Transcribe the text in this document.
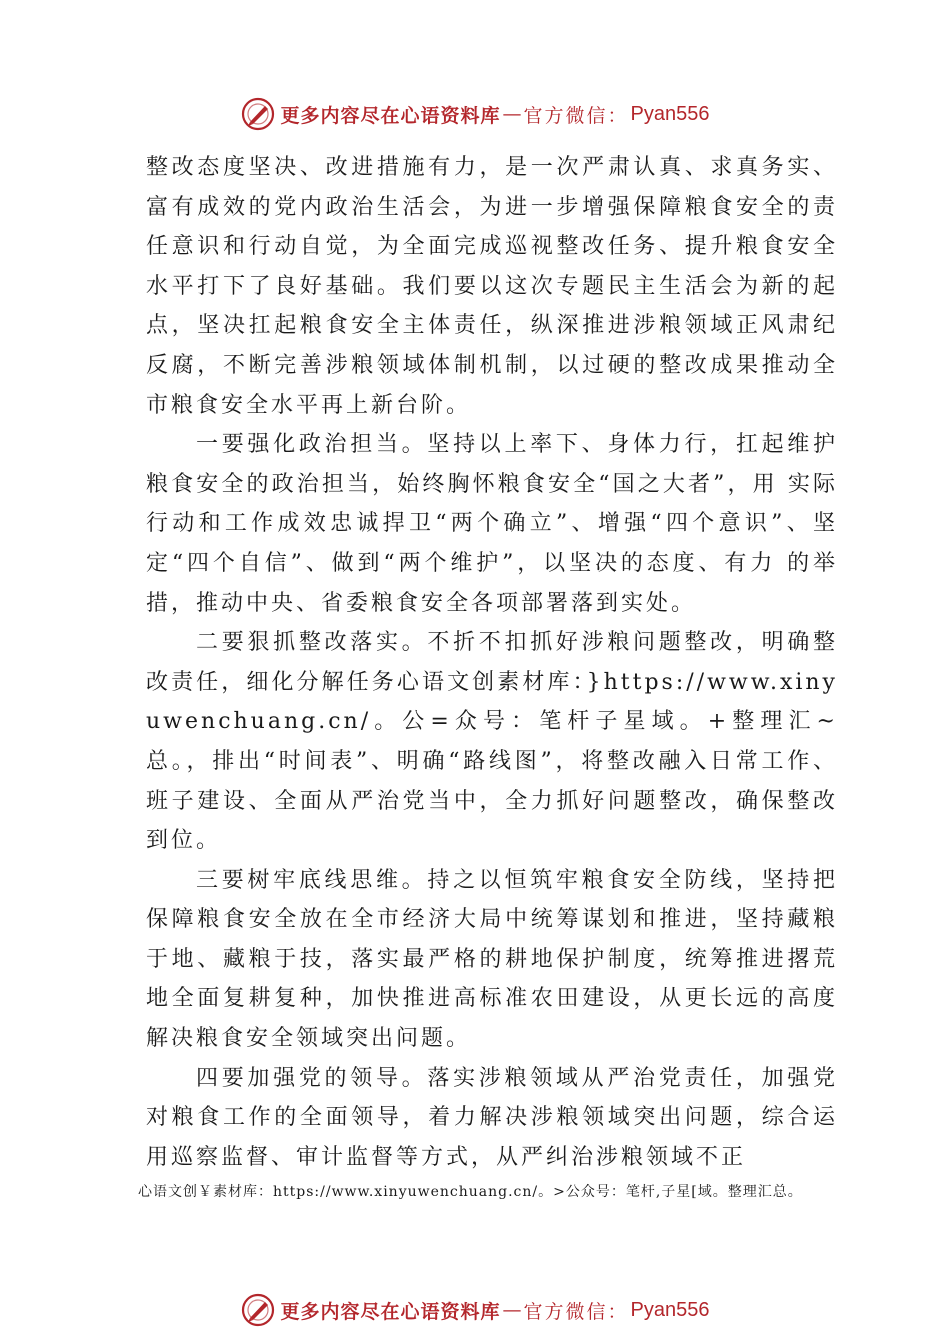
更多内容尽在心语资料库 — 官方微信： Pyan556

整改态度坚决、改进措施有力，是一次严肃认真、求真务实、富有成效的党内政治生活会，为进一步增强保障粮食安全的责任意识和行动自觉，为全面完成巡视整改任务、提升粮食安全水平打下了良好基础。我们要以这次专题民主生活会为新的起点，坚决扛起粮食安全主体责任，纵深推进涉粮领域正风肃纪反腐，不断完善涉粮领域体制机制，以过硬的整改成果推动全市粮食安全水平再上新台阶。

一要强化政治担当。坚持以上率下、身体力行，扛起维护粮食安全的政治担当，始终胸怀粮食安全“国之大者”，用 实际行动和工作成效忠诚捍卫“两个确立”、增强“四个意识”、坚定“四个自信”、做到“两个维护”，以坚决的态度、有力 的举措，推动中央、省委粮食安全各项部署落到实处。

二要狠抓整改落实。不折不扣抓好涉粮问题整改，明确整改责任，细化分解任务心语文创素材库：}https://www.xinyuwenchuang.cn/。公=众号：笔杆子星域。+整理汇~总。，排出“时间表”、明确“路线图”，将整改融入日常工作、班子建设、全面从严治党当中，全力抓好问题整改，确保整改到位。

三要树牢底线思维。持之以恒筑牢粮食安全防线，坚持把保障粮食安全放在全市经济大局中统筹谋划和推进，坚持藏粮于地、藏粮于技，落实最严格的耕地保护制度，统筹推进撂荒地全面复耕复种，加快推进高标准农田建设，从更长远的高度解决粮食安全领域突出问题。

四要加强党的领导。落实涉粮领域从严治党责任，加强党对粮食工作的全面领导，着力解决涉粮领域突出问题，综合运用巡察监督、审计监督等方式，从严纠治涉粮领域不正

心语文创￥素材库：https://www.xinyuwenchuang.cn/。>公众号：笔杆,子星[域。整理汇总。
更多内容尽在心语资料库 — 官方微信： Pyan556
